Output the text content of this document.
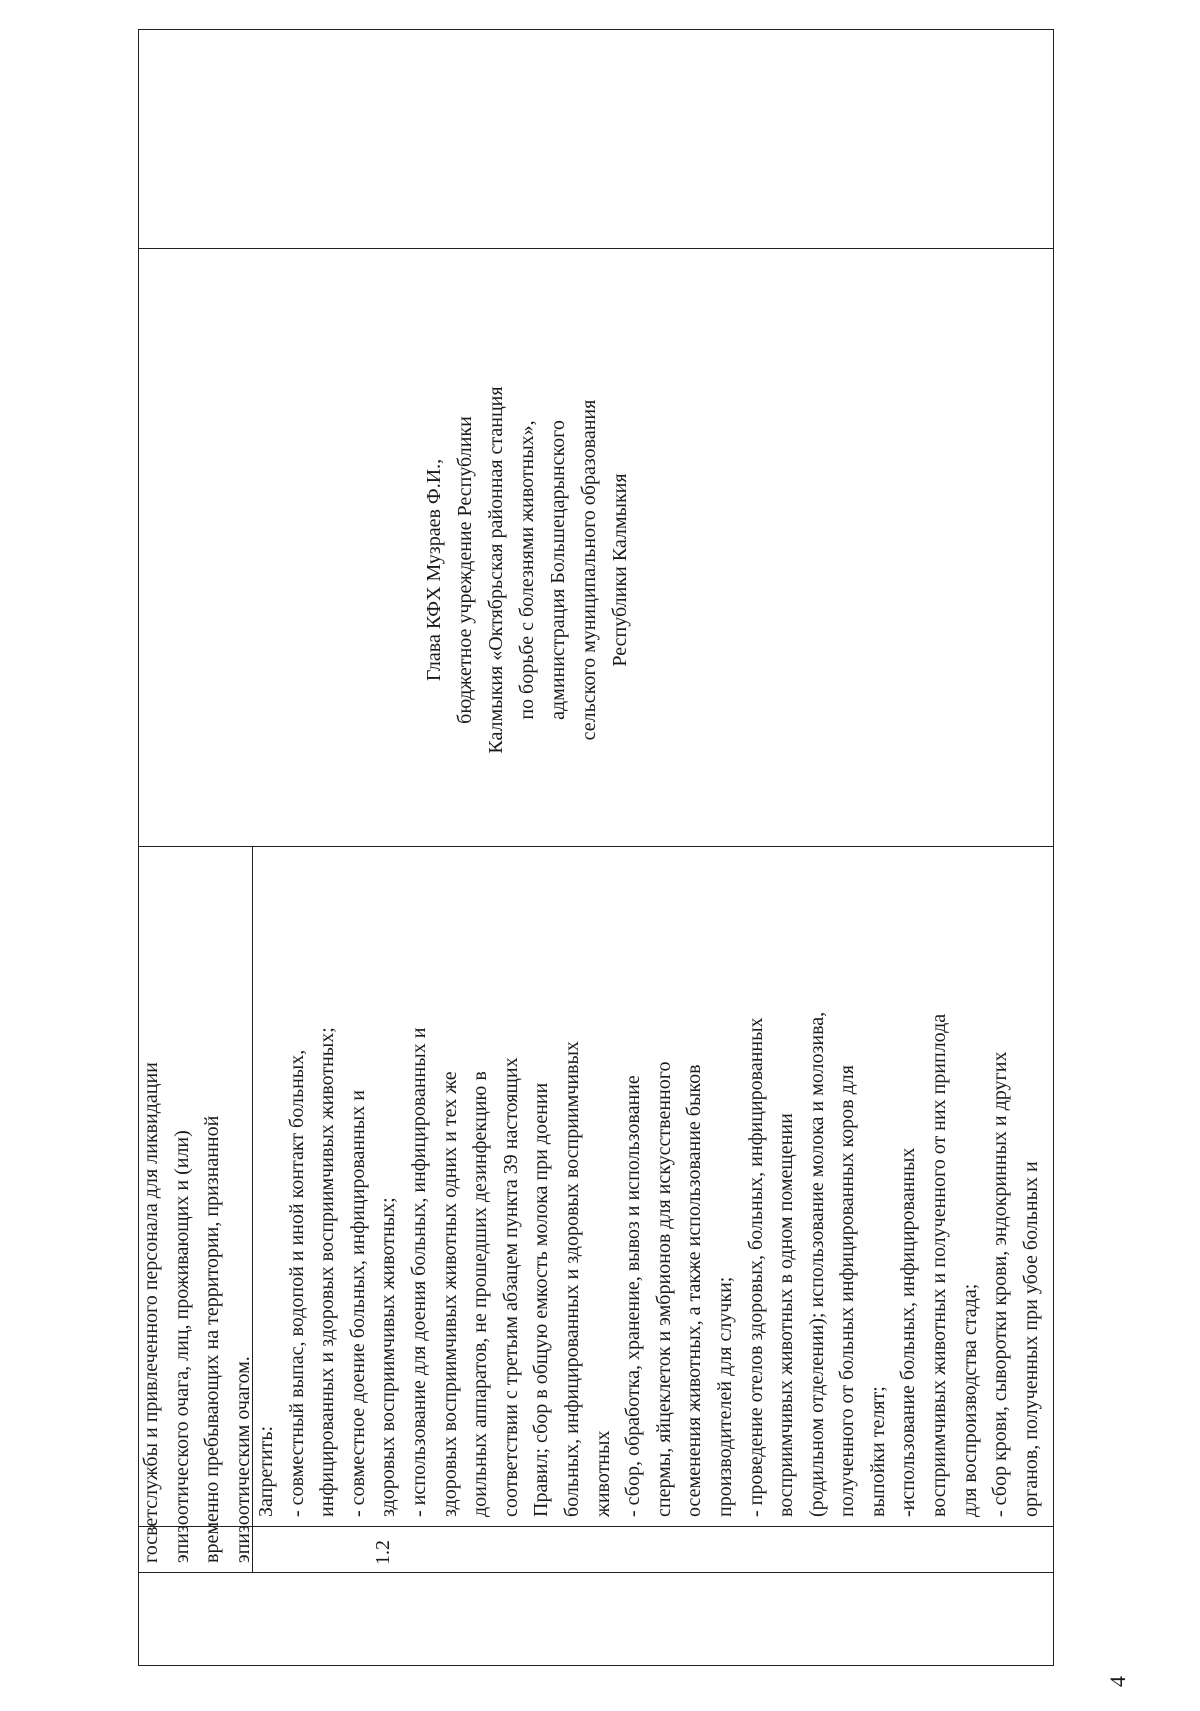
госветслужбы и привлеченного персонала для ликвидации эпизоотического очага, лиц, проживающих и (или) временно пребывающих на территории, признанной эпизоотическим очагом.	1.2

Запретить: - совместный выпас, водопой и иной контакт больных, инфицированных и здоровых восприимчивых животных; - совместное доение больных, инфицированных и здоровых восприимчивых животных; - использование для доения больных, инфицированных и здоровых восприимчивых животных одних и тех же доильных аппаратов, не прошедших дезинфекцию в соответствии с третьим абзацем пункта 39 настоящих Правил; сбор в общую емкость молока при доении больных, инфицированных и здоровых восприимчивых животных - сбор, обработка, хранение, вывоз и использование спермы, яйцеклеток и эмбрионов для искусственного осеменения животных, а также использование быков производителей для случки; - проведение отелов здоровых, больных, инфицированных восприимчивых животных в одном помещении (родильном отделении); использование молока и молозива, полученного от больных инфицированных коров для выпойки телят; -использование больных, инфицированных восприимчивых животных и полученного от них приплода для воспроизводства стада; - сбор крови, сыворотки крови, эндокринных и других органов, полученных при убое больных и

Глава КФХ Музраев Ф.И., бюджетное учреждение Республики Калмыкия «Октябрьская районная станция по борьбе с болезнями животных», администрация Большецарынского сельского муниципального образования Республики Калмыкия

4
